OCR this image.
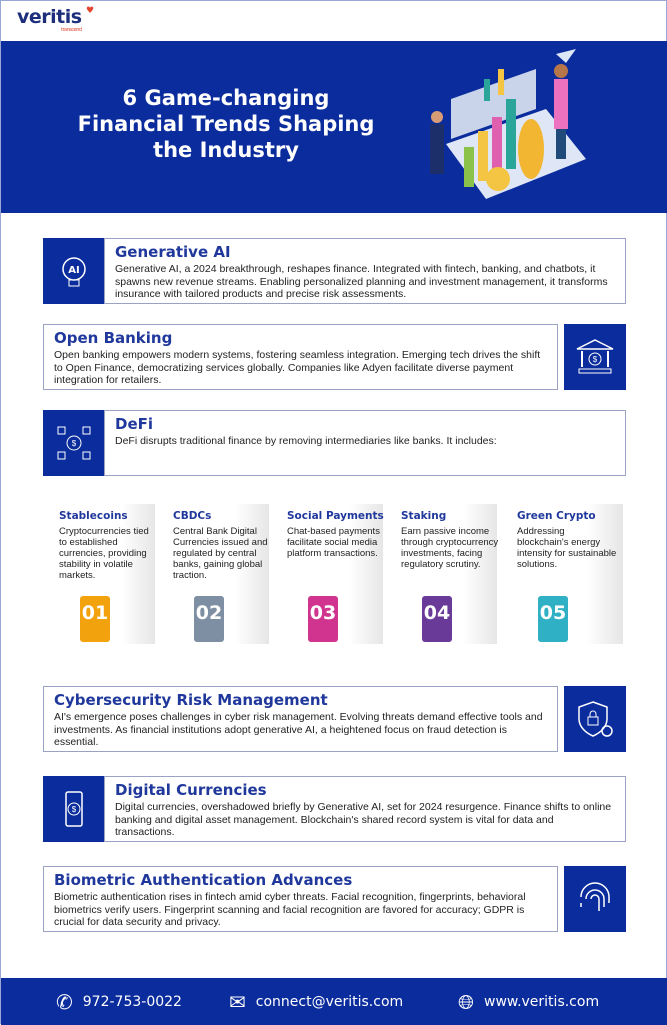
veritis ♥
transcend
6 Game-changing Financial Trends Shaping the Industry
AI
Generative AI

Generative AI, a 2024 breakthrough, reshapes finance. Integrated with fintech, banking, and chatbots, it spawns new revenue streams. Enabling personalized planning and investment management, it transforms insurance with tailored products and precise risk assessments.

Open Banking

Open banking empowers modern systems, fostering seamless integration. Emerging tech drives the shift to Open Finance, democratizing services globally. Companies like Adyen facilitate diverse payment integration for retailers.

$
$
DeFi

DeFi disrupts traditional finance by removing intermediaries like banks. It includes:

Stablecoins

Cryptocurrencies tied to established currencies, providing stability in volatile markets.

01
CBDCs

Central Bank Digital Currencies issued and regulated by central banks, gaining global traction.

02
Social Payments

Chat-based payments facilitate social media platform transactions.

03
Staking

Earn passive income through cryptocurrency investments, facing regulatory scrutiny.

04
Green Crypto

Addressing blockchain's energy intensity for sustainable solutions.

05
Cybersecurity Risk Management

AI's emergence poses challenges in cyber risk management. Evolving threats demand effective tools and investments. As financial institutions adopt generative AI, a heightened focus on fraud detection is essential.

$
Digital Currencies

Digital currencies, overshadowed briefly by Generative AI, set for 2024 resurgence. Finance shifts to online banking and digital asset management. Blockchain's shared record system is vital for data and transactions.

Biometric Authentication Advances

Biometric authentication rises in fintech amid cyber threats. Facial recognition, fingerprints, behavioral biometrics verify users. Fingerprint scanning and facial recognition are favored for accuracy; GDPR is crucial for data security and privacy.

✆ 972-753-0022 ✉ connect@veritis.com	🌐︎ www.veritis.com
